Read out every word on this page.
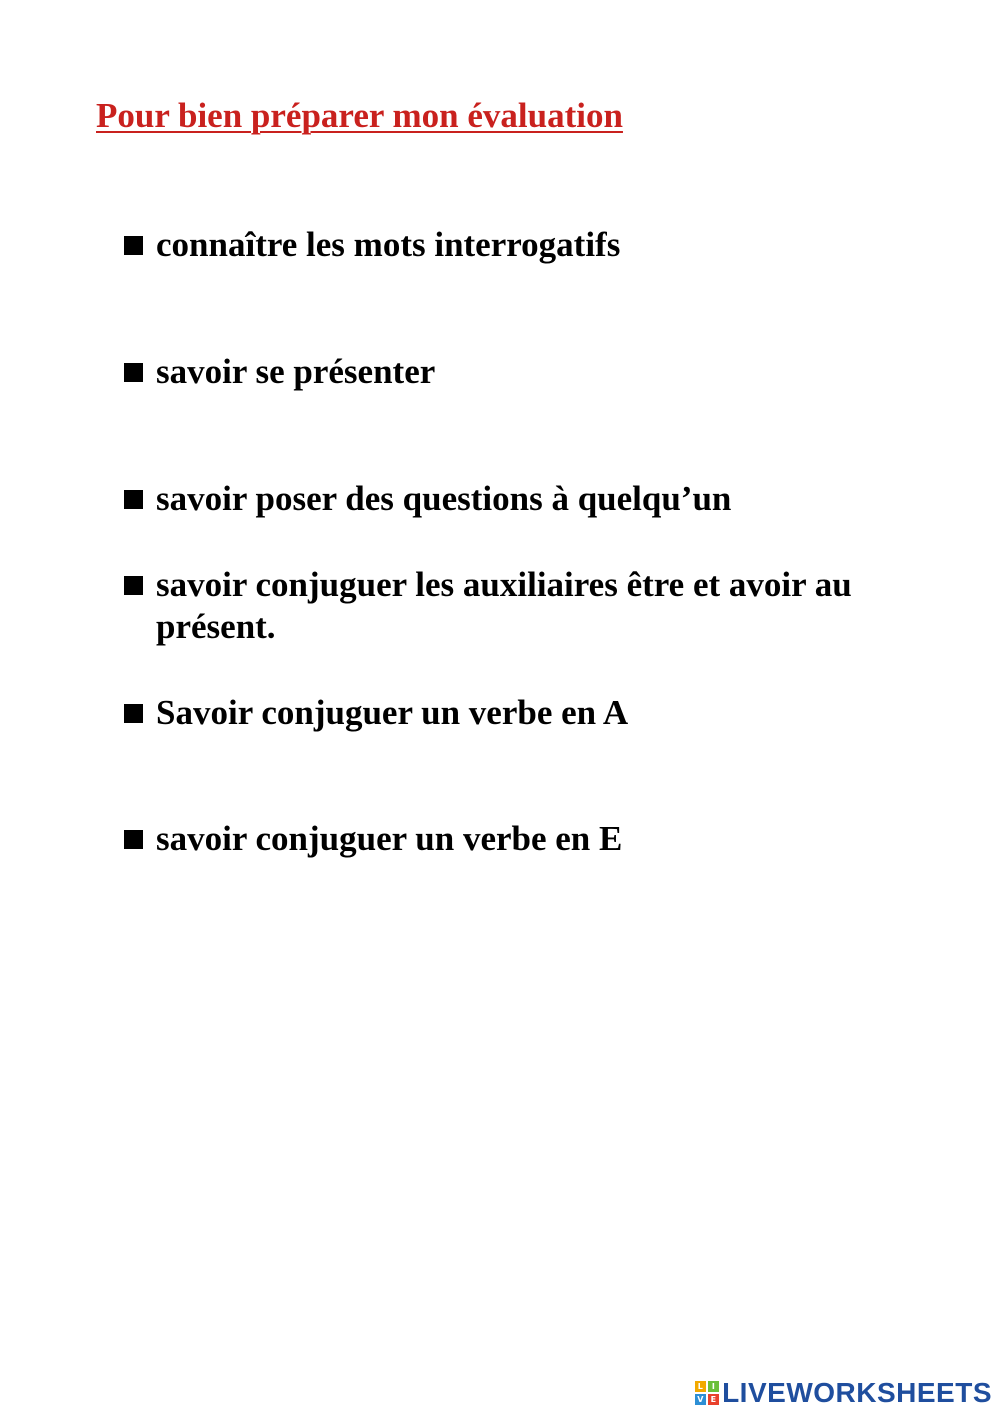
Pour bien préparer mon évaluation
connaître les mots interrogatifs
savoir se présenter
savoir poser des questions à quelqu’un
savoir conjuguer les auxiliaires être et avoir au présent.
Savoir conjuguer un verbe en A
savoir conjuguer un verbe en E
L	I
V E LIVEWORKSHEETS
